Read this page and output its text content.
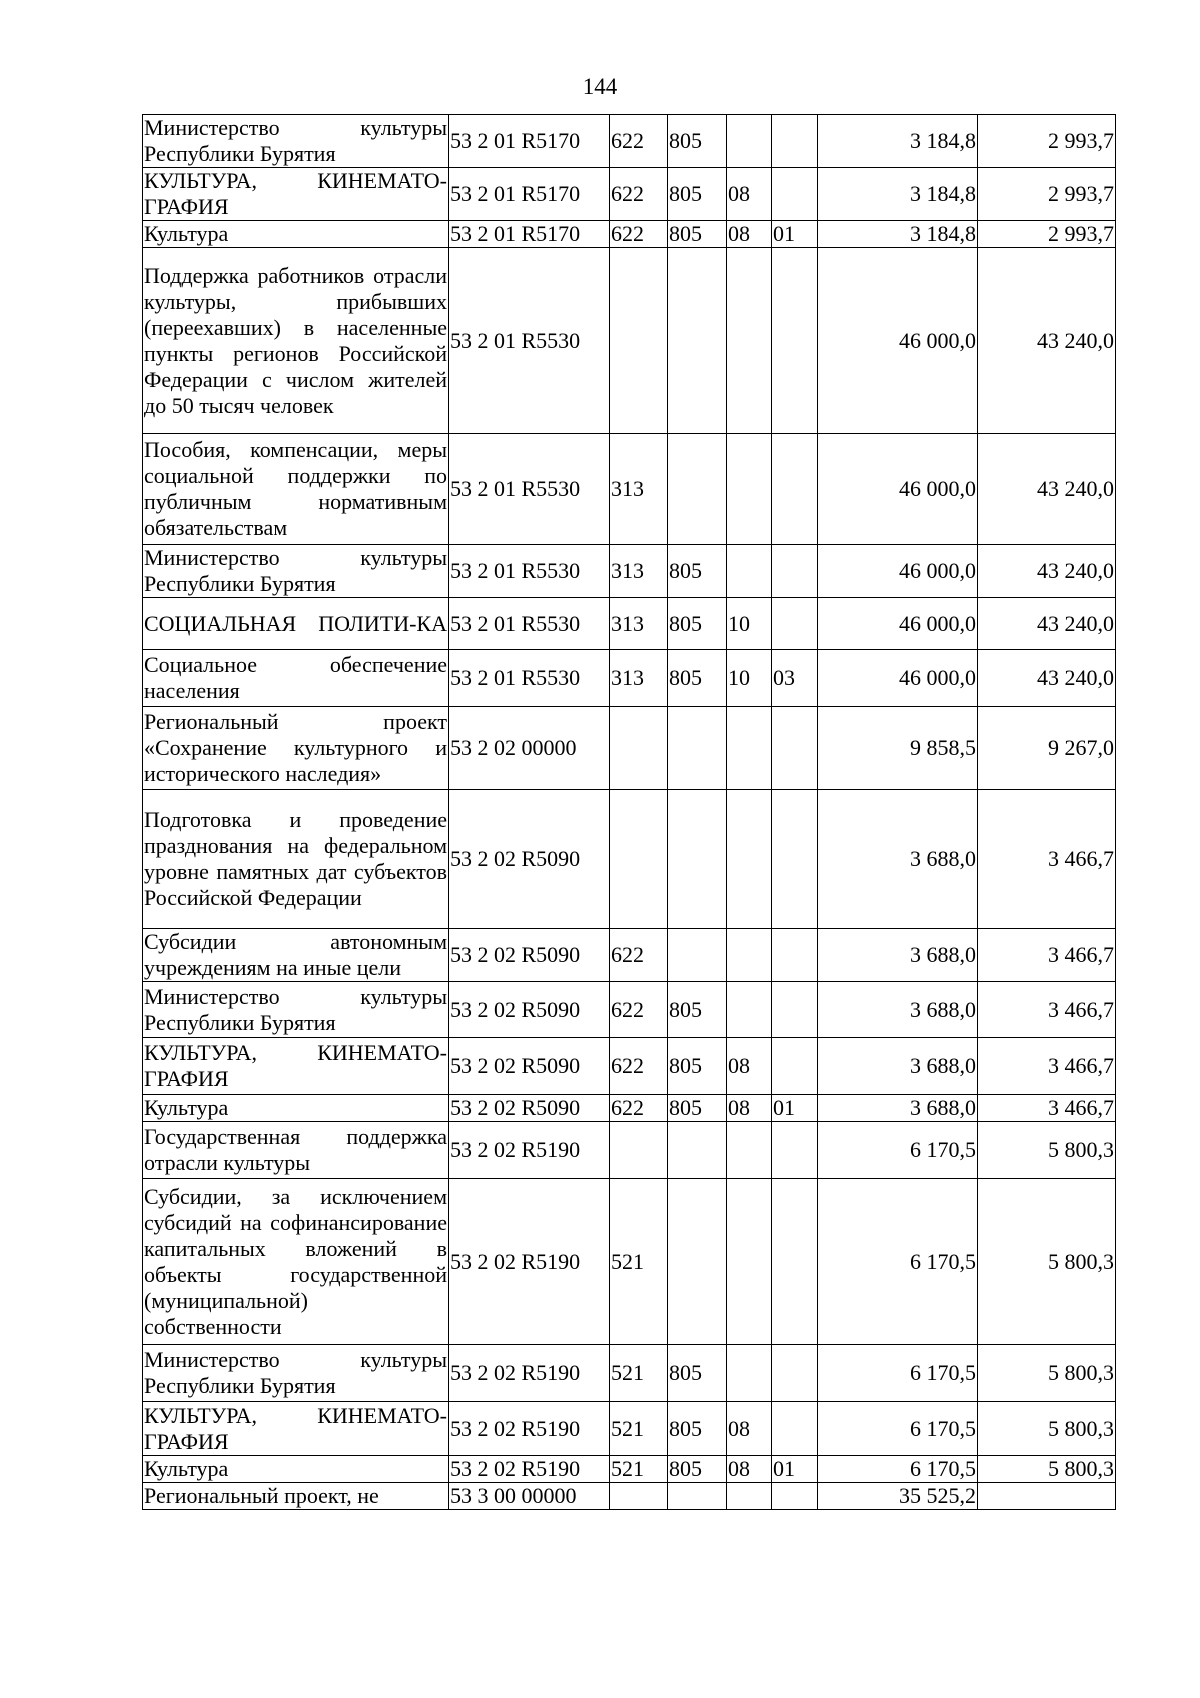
144
Министерство культуры Республики Бурятия	53 2 01 R5170	622	805			3 184,8	2 993,7
КУЛЬТУРА, КИНЕМАТО-ГРАФИЯ	53 2 01 R5170	622	805	08		3 184,8	2 993,7
Культура	53 2 01 R5170	622	805	08	01	3 184,8	2 993,7
Поддержка работников отрасли культуры, прибывших (переехавших) в населенные пункты регионов Российской Федерации с числом жителей до 50 тысяч человек	53 2 01 R5530					46 000,0	43 240,0
Пособия, компенсации, меры социальной поддержки по публичным нормативным обязательствам	53 2 01 R5530	313				46 000,0	43 240,0
Министерство культуры Республики Бурятия	53 2 01 R5530	313	805			46 000,0	43 240,0
СОЦИАЛЬНАЯ ПОЛИТИ-КА	53 2 01 R5530	313	805	10		46 000,0	43 240,0
Социальное обеспечение населения	53 2 01 R5530	313	805	10	03	46 000,0	43 240,0
Региональный проект «Сохранение культурного и исторического наследия»	53 2 02 00000					9 858,5	9 267,0
Подготовка и проведение празднования на федеральном уровне памятных дат субъектов Российской Федерации	53 2 02 R5090					3 688,0	3 466,7
Субсидии автономным учреждениям на иные цели	53 2 02 R5090	622				3 688,0	3 466,7
Министерство культуры Республики Бурятия	53 2 02 R5090	622	805			3 688,0	3 466,7
КУЛЬТУРА, КИНЕМАТО-ГРАФИЯ	53 2 02 R5090	622	805	08		3 688,0	3 466,7
Культура	53 2 02 R5090	622	805	08	01	3 688,0	3 466,7
Государственная поддержка отрасли культуры	53 2 02 R5190					6 170,5	5 800,3
Субсидии, за исключением субсидий на софинансирование капитальных вложений в объекты государственной (муниципальной) собственности	53 2 02 R5190	521				6 170,5	5 800,3
Министерство культуры Республики Бурятия	53 2 02 R5190	521	805			6 170,5	5 800,3
КУЛЬТУРА, КИНЕМАТО-ГРАФИЯ	53 2 02 R5190	521	805	08		6 170,5	5 800,3
Культура	53 2 02 R5190	521	805	08	01	6 170,5	5 800,3
Региональный проект, не	53 3 00 00000					35 525,2	
